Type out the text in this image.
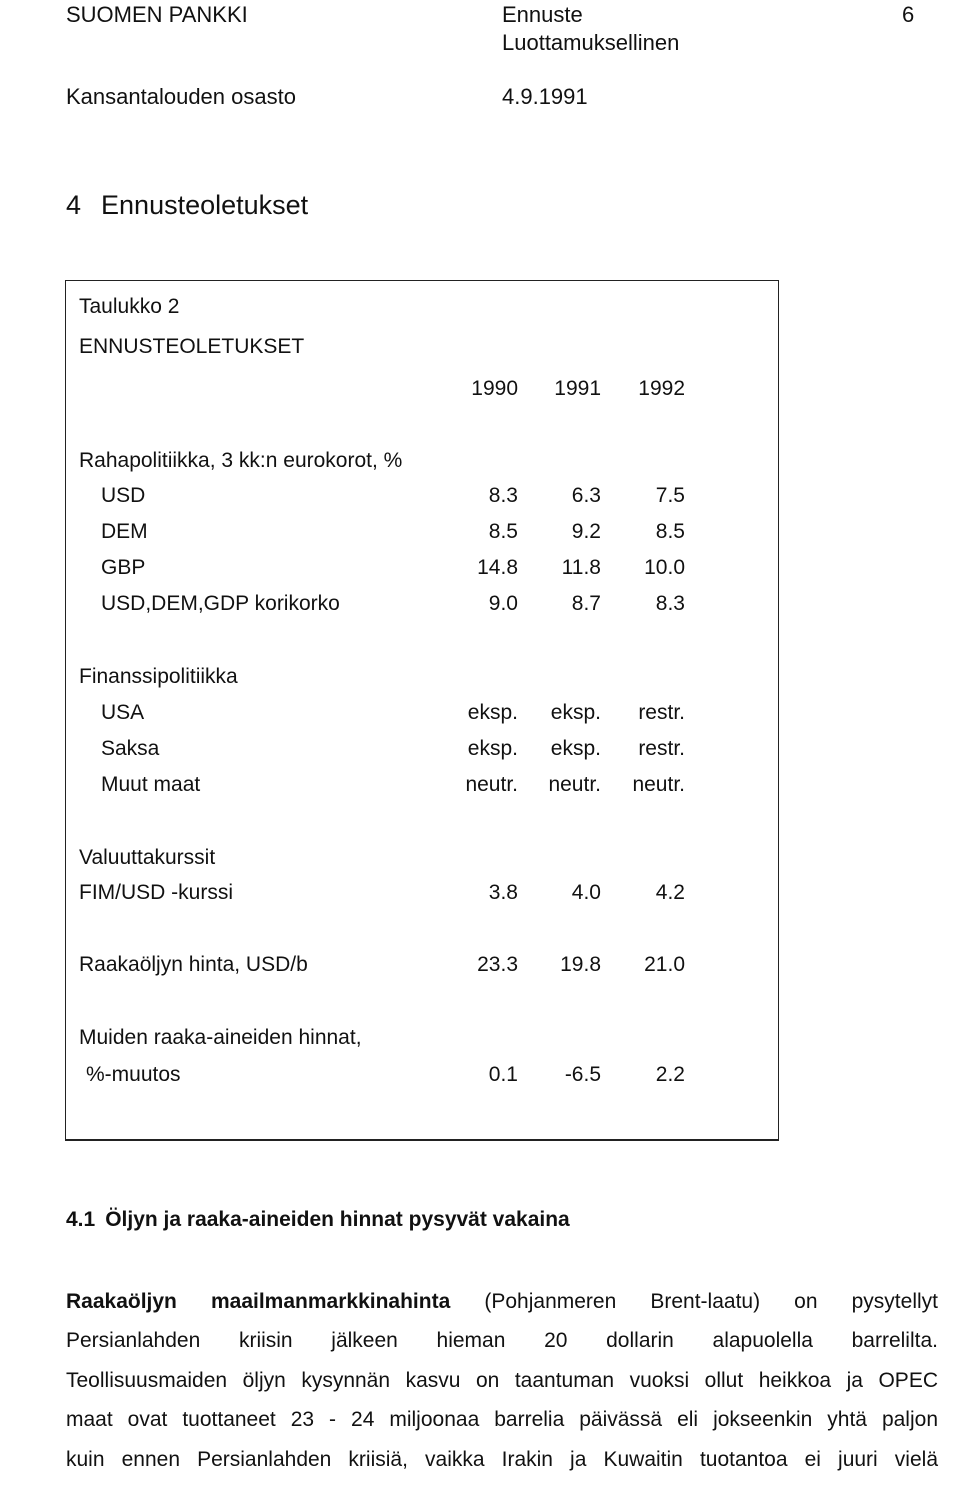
SUOMEN PANKKI	Ennuste
Luottamuksellinen
6
Kansantalouden osasto	4.9.1991
4 Ennusteoletukset
Taulukko 2
ENNUSTEOLETUKSET
1990	1991	1992
Rahapolitiikka, 3 kk:n eurokorot, %
USD	8.3	6.3	7.5
DEM	8.5	9.2	8.5
GBP	14.8	11.8	10.0
USD,DEM,GDP korikorko	9.0	8.7	8.3
Finanssipolitiikka
USA	eksp.	eksp.	restr.
Saksa	eksp.	eksp.	restr.
Muut maat	neutr.	neutr.	neutr.
Valuuttakurssit
FIM/USD -kurssi	3.8	4.0	4.2
Raakaöljyn hinta, USD/b	23.3	19.8	21.0
Muiden raaka-aineiden hinnat,
%-muutos	0.1	-6.5	2.2
4.1 Öljyn ja raaka-aineiden hinnat pysyvät vakaina
Raakaöljyn maailmanmarkkinahinta (Pohjanmeren Brent-laatu) on pysytellyt
Persianlahden kriisin jälkeen hieman 20 dollarin alapuolella barrelilta.
Teollisuusmaiden öljyn kysynnän kasvu on taantuman vuoksi ollut heikkoa ja OPEC
maat ovat tuottaneet 23 - 24 miljoonaa barrelia päivässä eli jokseenkin yhtä paljon
kuin ennen Persianlahden kriisiä, vaikka Irakin ja Kuwaitin tuotantoa ei juuri vielä
